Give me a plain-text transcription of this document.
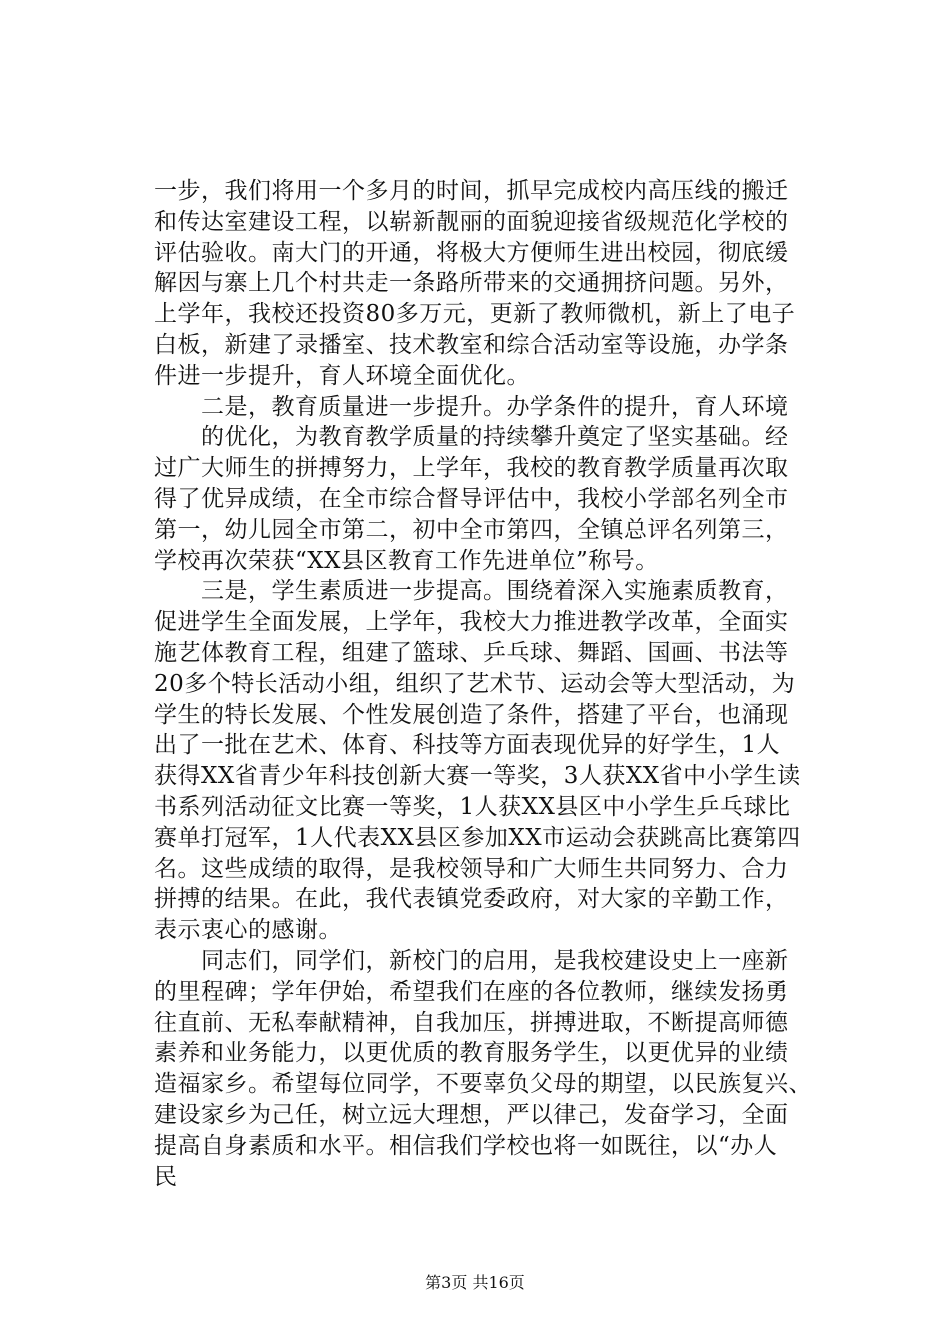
一步，我们将用一个多月的时间，抓早完成校内高压线的搬迁
和传达室建设工程，以崭新靓丽的面貌迎接省级规范化学校的
评估验收。南大门的开通，将极大方便师生进出校园，彻底缓
解因与寨上几个村共走一条路所带来的交通拥挤问题。另外，
上学年，我校还投资80多万元，更新了教师微机，新上了电子
白板，新建了录播室、技术教室和综合活动室等设施，办学条
件进一步提升，育人环境全面优化。
　　二是，教育质量进一步提升。办学条件的提升，育人环境
　　的优化，为教育教学质量的持续攀升奠定了坚实基础。经
过广大师生的拼搏努力，上学年，我校的教育教学质量再次取
得了优异成绩，在全市综合督导评估中，我校小学部名列全市
第一，幼儿园全市第二，初中全市第四，全镇总评名列第三，
学校再次荣获“XX县区教育工作先进单位”称号。
　　三是，学生素质进一步提高。围绕着深入实施素质教育，
促进学生全面发展，上学年，我校大力推进教学改革，全面实
施艺体教育工程，组建了篮球、乒乓球、舞蹈、国画、书法等
20多个特长活动小组，组织了艺术节、运动会等大型活动，为
学生的特长发展、个性发展创造了条件，搭建了平台，也涌现
出了一批在艺术、体育、科技等方面表现优异的好学生，1人
获得XX省青少年科技创新大赛一等奖，3人获XX省中小学生读
书系列活动征文比赛一等奖，1人获XX县区中小学生乒乓球比
赛单打冠军，1人代表XX县区参加XX市运动会获跳高比赛第四
名。这些成绩的取得，是我校领导和广大师生共同努力、合力
拼搏的结果。在此，我代表镇党委政府，对大家的辛勤工作，
表示衷心的感谢。
　　同志们，同学们，新校门的启用，是我校建设史上一座新
的里程碑；学年伊始，希望我们在座的各位教师，继续发扬勇
往直前、无私奉献精神，自我加压，拼搏进取，不断提高师德
素养和业务能力，以更优质的教育服务学生，以更优异的业绩
造福家乡。希望每位同学，不要辜负父母的期望，以民族复兴、
建设家乡为己任，树立远大理想，严以律己，发奋学习，全面
提高自身素质和水平。相信我们学校也将一如既往，以“办人
民
第3页 共16页
